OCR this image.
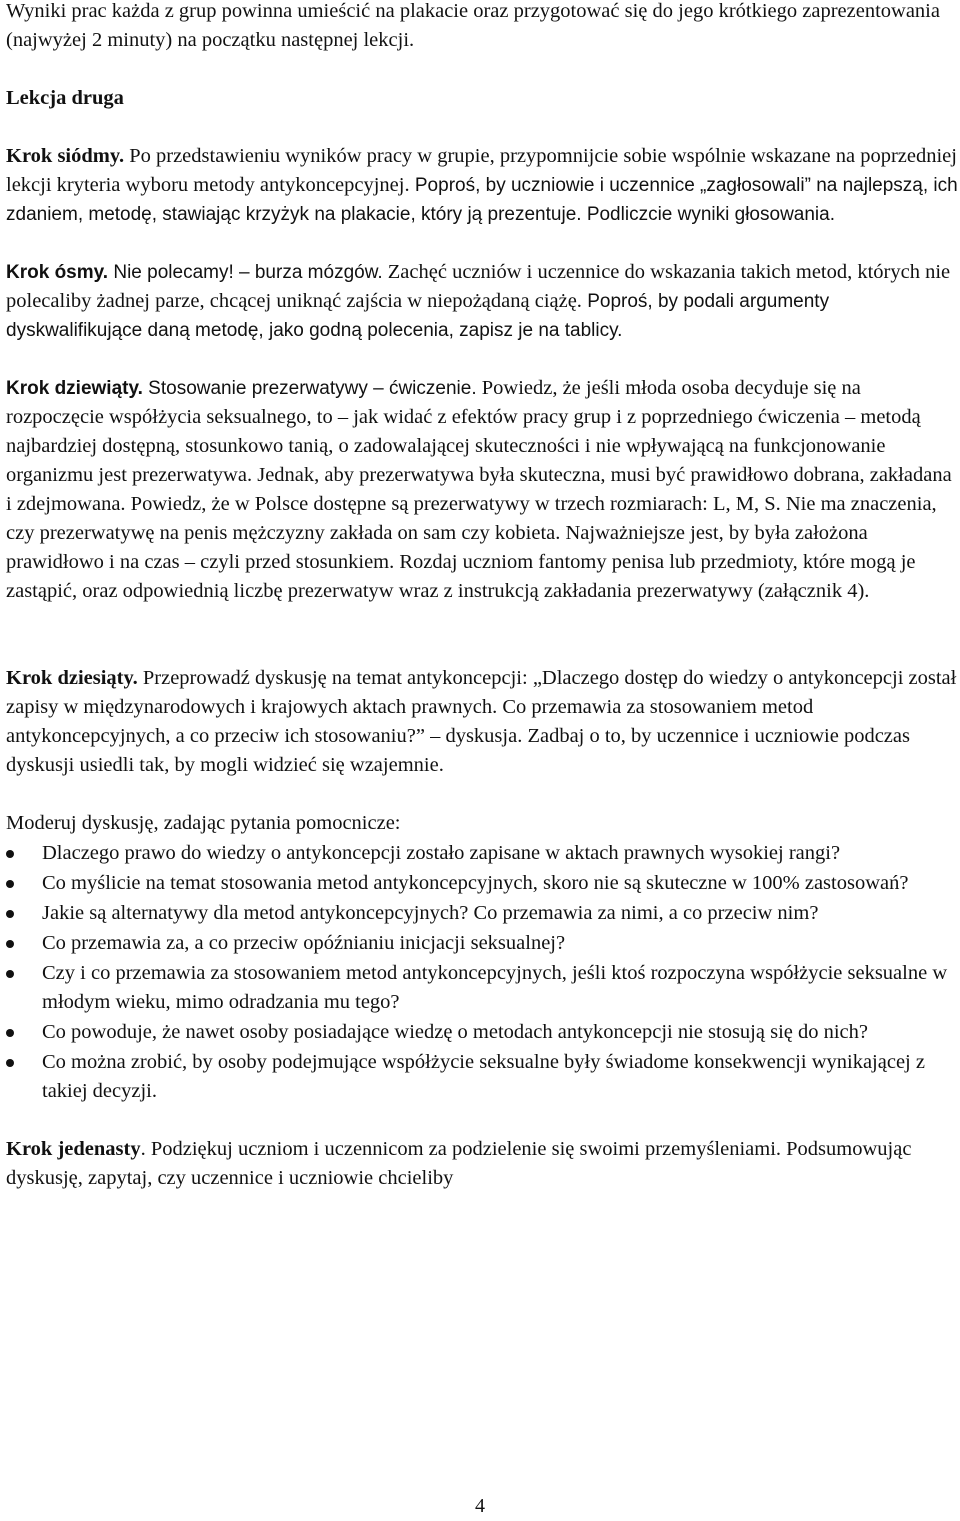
Wyniki prac każda z grup powinna umieścić na plakacie oraz przygotować się do jego krótkiego zaprezentowania (najwyżej 2 minuty) na początku następnej lekcji.

Lekcja druga

Krok siódmy. Po przedstawieniu wyników pracy w grupie, przypomnijcie sobie wspólnie wskazane na poprzedniej lekcji kryteria wyboru metody antykoncepcyjnej. Poproś, by uczniowie i uczennice „zagłosowali” na najlepszą, ich zdaniem, metodę, stawiając krzyżyk na plakacie, który ją prezentuje. Podliczcie wyniki głosowania.

Krok ósmy. Nie polecamy! – burza mózgów. Zachęć uczniów i uczennice do wskazania takich metod, których nie polecaliby żadnej parze, chcącej uniknąć zajścia w niepożądaną ciążę. Poproś, by podali argumenty dyskwalifikujące daną metodę, jako godną polecenia, zapisz je na tablicy.

Krok dziewiąty. Stosowanie prezerwatywy – ćwiczenie. Powiedz, że jeśli młoda osoba decyduje się na rozpoczęcie współżycia seksualnego, to – jak widać z efektów pracy grup i z poprzedniego ćwiczenia – metodą najbardziej dostępną, stosunkowo tanią, o zadowalającej skuteczności i nie wpływającą na funkcjonowanie organizmu jest prezerwatywa. Jednak, aby prezerwatywa była skuteczna, musi być prawidłowo dobrana, zakładana i zdejmowana. Powiedz, że w Polsce dostępne są prezerwatywy w trzech rozmiarach: L, M, S. Nie ma znaczenia, czy prezerwatywę na penis mężczyzny zakłada on sam czy kobieta. Najważniejsze jest, by była założona prawidłowo i na czas – czyli przed stosunkiem. Rozdaj uczniom fantomy penisa lub przedmioty, które mogą je zastąpić, oraz odpowiednią liczbę prezerwatyw wraz z instrukcją zakładania prezerwatywy (załącznik 4).

Krok dziesiąty. Przeprowadź dyskusję na temat antykoncepcji: „Dlaczego dostęp do wiedzy o antykoncepcji został zapisy w międzynarodowych i krajowych aktach prawnych. Co przemawia za stosowaniem metod antykoncepcyjnych, a co przeciw ich stosowaniu?” – dyskusja. Zadbaj o to, by uczennice i uczniowie podczas dyskusji usiedli tak, by mogli widzieć się wzajemnie.

Moderuj dyskusję, zadając pytania pomocnicze:

Dlaczego prawo do wiedzy o antykoncepcji zostało zapisane w aktach prawnych wysokiej rangi?
Co myślicie na temat stosowania metod antykoncepcyjnych, skoro nie są skuteczne w 100% zastosowań?
Jakie są alternatywy dla metod antykoncepcyjnych? Co przemawia za nimi, a co przeciw nim?
Co przemawia za, a co przeciw opóźnianiu inicjacji seksualnej?
Czy i co przemawia za stosowaniem metod antykoncepcyjnych, jeśli ktoś rozpoczyna współżycie seksualne w młodym wieku, mimo odradzania mu tego?
Co powoduje, że nawet osoby posiadające wiedzę o metodach antykoncepcji nie stosują się do nich?
Co można zrobić, by osoby podejmujące współżycie seksualne były świadome konsekwencji wynikającej z takiej decyzji.

Krok jedenasty. Podziękuj uczniom i uczennicom za podzielenie się swoimi przemyśleniami. Podsumowując dyskusję, zapytaj, czy uczennice i uczniowie chcieliby

4
